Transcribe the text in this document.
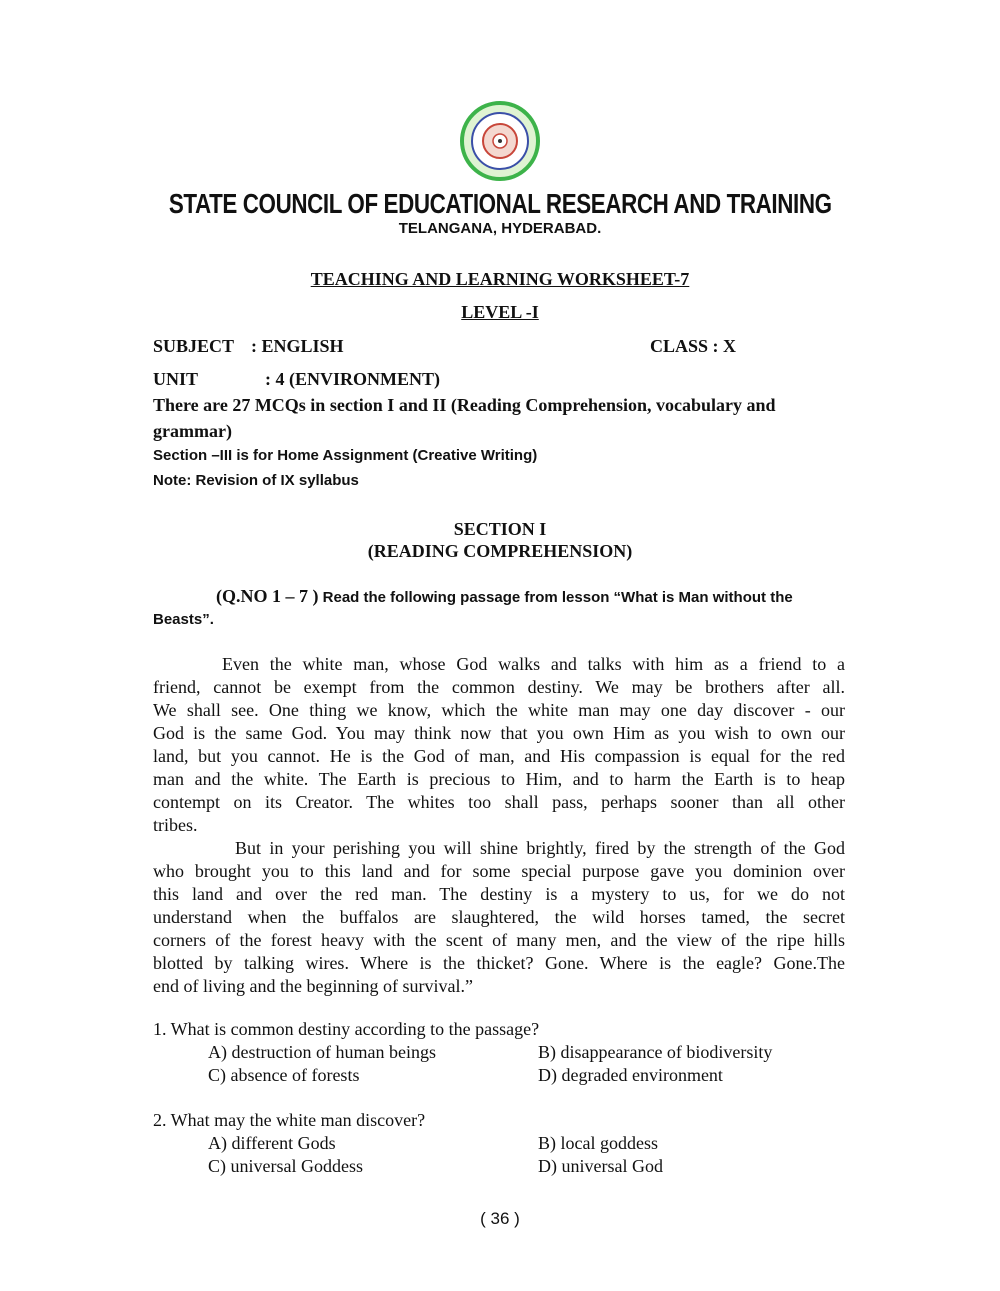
STATE COUNCIL OF EDUCATIONAL RESEARCH AND TRAINING
TELANGANA, HYDERABAD.
TEACHING AND LEARNING WORKSHEET-7
LEVEL -I
SUBJECT : ENGLISH	CLASS : X
UNIT	: 4 (ENVIRONMENT)
There are 27 MCQs in section I and II (Reading Comprehension, vocabulary and
grammar)
Section –III is for Home Assignment (Creative Writing)
Note: Revision of IX syllabus
SECTION I
(READING COMPREHENSION)
(Q.NO 1 – 7 ) Read the following passage from lesson “What is Man without the
Beasts”.
Even the white man, whose God walks and talks with him as a friend to a
friend, cannot be exempt from the common destiny. We may be brothers after all.
We shall see. One thing we know, which the white man may one day discover - our
God is the same God. You may think now that you own Him as you wish to own our
land, but you cannot. He is the God of man, and His compassion is equal for the red
man and the white. The Earth is precious to Him, and to harm the Earth is to heap
contempt on its Creator. The whites too shall pass, perhaps sooner than all other
tribes.
But in your perishing you will shine brightly, fired by the strength of the God
who brought you to this land and for some special purpose gave you dominion over
this land and over the red man. The destiny is a mystery to us, for we do not
understand when the buffalos are slaughtered, the wild horses tamed, the secret
corners of the forest heavy with the scent of many men, and the view of the ripe hills
blotted by talking wires. Where is the thicket? Gone. Where is the eagle? Gone.The
end of living and the beginning of survival.”
1. What is common destiny according to the passage?
A) destruction of human beings	B) disappearance of biodiversity
C) absence of forests	D) degraded environment
2. What may the white man discover?
A) different Gods	B) local goddess
C) universal Goddess	D) universal God
( 36 )
